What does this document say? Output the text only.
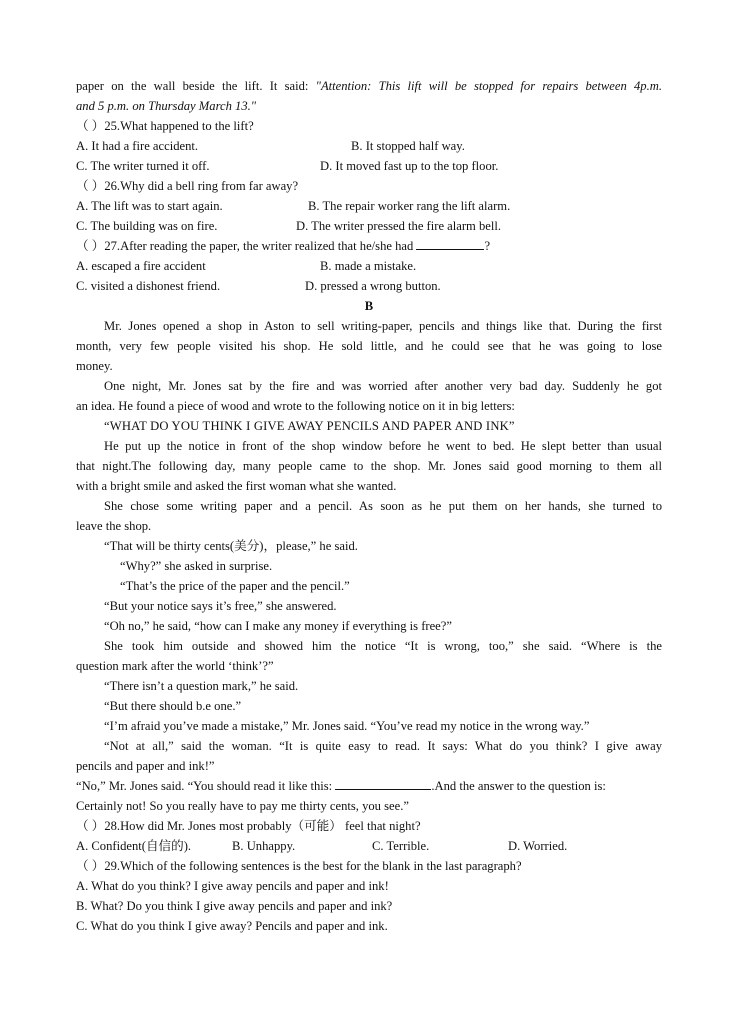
paper on the wall beside the lift. It said: "Attention: This lift will be stopped for repairs between 4p.m.
and 5 p.m. on Thursday March 13."
（ ）25.What happened to the lift?
A. It had a fire accident.	B. It stopped half way.
C. The writer turned it off.	D. It moved fast up to the top floor.
（ ）26.Why did a bell ring from far away?
A. The lift was to start again.	B. The repair worker rang the lift alarm.
C. The building was on fire.	D. The writer pressed the fire alarm bell.
（ ）27.After reading the paper, the writer realized that he/she had	?
A. escaped a fire accident	B. made a mistake.
C. visited a dishonest friend.	D. pressed a wrong button.
B
Mr. Jones opened a shop in Aston to sell writing-paper, pencils and things like that. During the first
month, very few people visited his shop. He sold little, and he could see that he was going to lose
money.
One night, Mr. Jones sat by the fire and was worried after another very bad day. Suddenly he got
an idea. He found a piece of wood and wrote to the following notice on it in big letters:
“WHAT DO YOU THINK I GIVE AWAY PENCILS AND PAPER AND INK”
He put up the notice in front of the shop window before he went to bed. He slept better than usual
that night.The following day, many people came to the shop. Mr. Jones said good morning to them all
with a bright smile and asked the first woman what she wanted.
She chose some writing paper and a pencil. As soon as he put them on her hands, she turned to
leave the shop.
“That will be thirty cents(美分)，please,” he said.
“Why?” she asked in surprise.
“That’s the price of the paper and the pencil.”
“But your notice says it’s free,” she answered.
“Oh no,” he said, “how can I make any money if everything is free?”
She took him outside and showed him the notice “It is wrong, too,” she said. “Where is the
question mark after the world ‘think’?”
“There isn’t a question mark,” he said.
“But there should b.e one.”
“I’m afraid you’ve made a mistake,” Mr. Jones said. “You’ve read my notice in the wrong way.”
“Not at all,” said the woman. “It is quite easy to read. It says: What do you think? I give away
pencils and paper and ink!”
“No,” Mr. Jones said. “You should read it like this:	.And the answer to the question is:
Certainly not! So you really have to pay me thirty cents, you see.”
（ ）28.How did Mr. Jones most probably（可能） feel that night?
A. Confident(自信的).	B. Unhappy.	C. Terrible.	D. Worried.
（ ）29.Which of the following sentences is the best for the blank in the last paragraph?
A. What do you think? I give away pencils and paper and ink!
B. What? Do you think I give away pencils and paper and ink?
C. What do you think I give away? Pencils and paper and ink.
